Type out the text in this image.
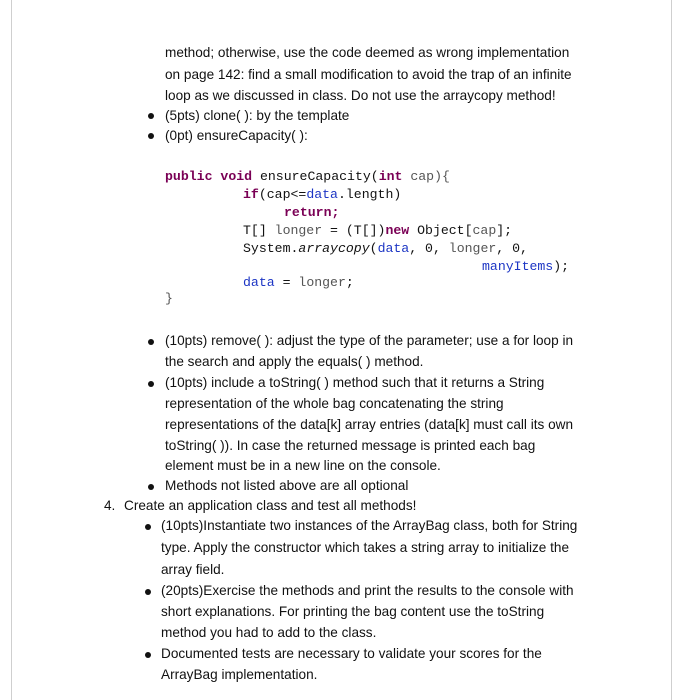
method; otherwise, use the code deemed as wrong implementation
on page 142: find a small modification to avoid the trap of an infinite
loop as we discussed in class. Do not use the arraycopy method!
(5pts) clone( ): by the template
(0pt) ensureCapacity( ):
public void ensureCapacity(int cap){
if(cap<=data.length)
return;
T[] longer = (T[])new Object[cap];
System.arraycopy(data, 0, longer, 0,
manyItems);
data = longer;
}
(10pts) remove( ): adjust the type of the parameter; use a for loop in
the search and apply the equals( ) method.
(10pts) include a toString( ) method such that it returns a String
representation of the whole bag concatenating the string
representations of the data[k] array entries (data[k] must call its own
toString( )). In case the returned message is printed each bag
element must be in a new line on the console.
Methods not listed above are all optional
4. Create an application class and test all methods!
(10pts)Instantiate two instances of the ArrayBag class, both for String
type. Apply the constructor which takes a string array to initialize the
array field.
(20pts)Exercise the methods and print the results to the console with
short explanations. For printing the bag content use the toString
method you had to add to the class.
Documented tests are necessary to validate your scores for the
ArrayBag implementation.
